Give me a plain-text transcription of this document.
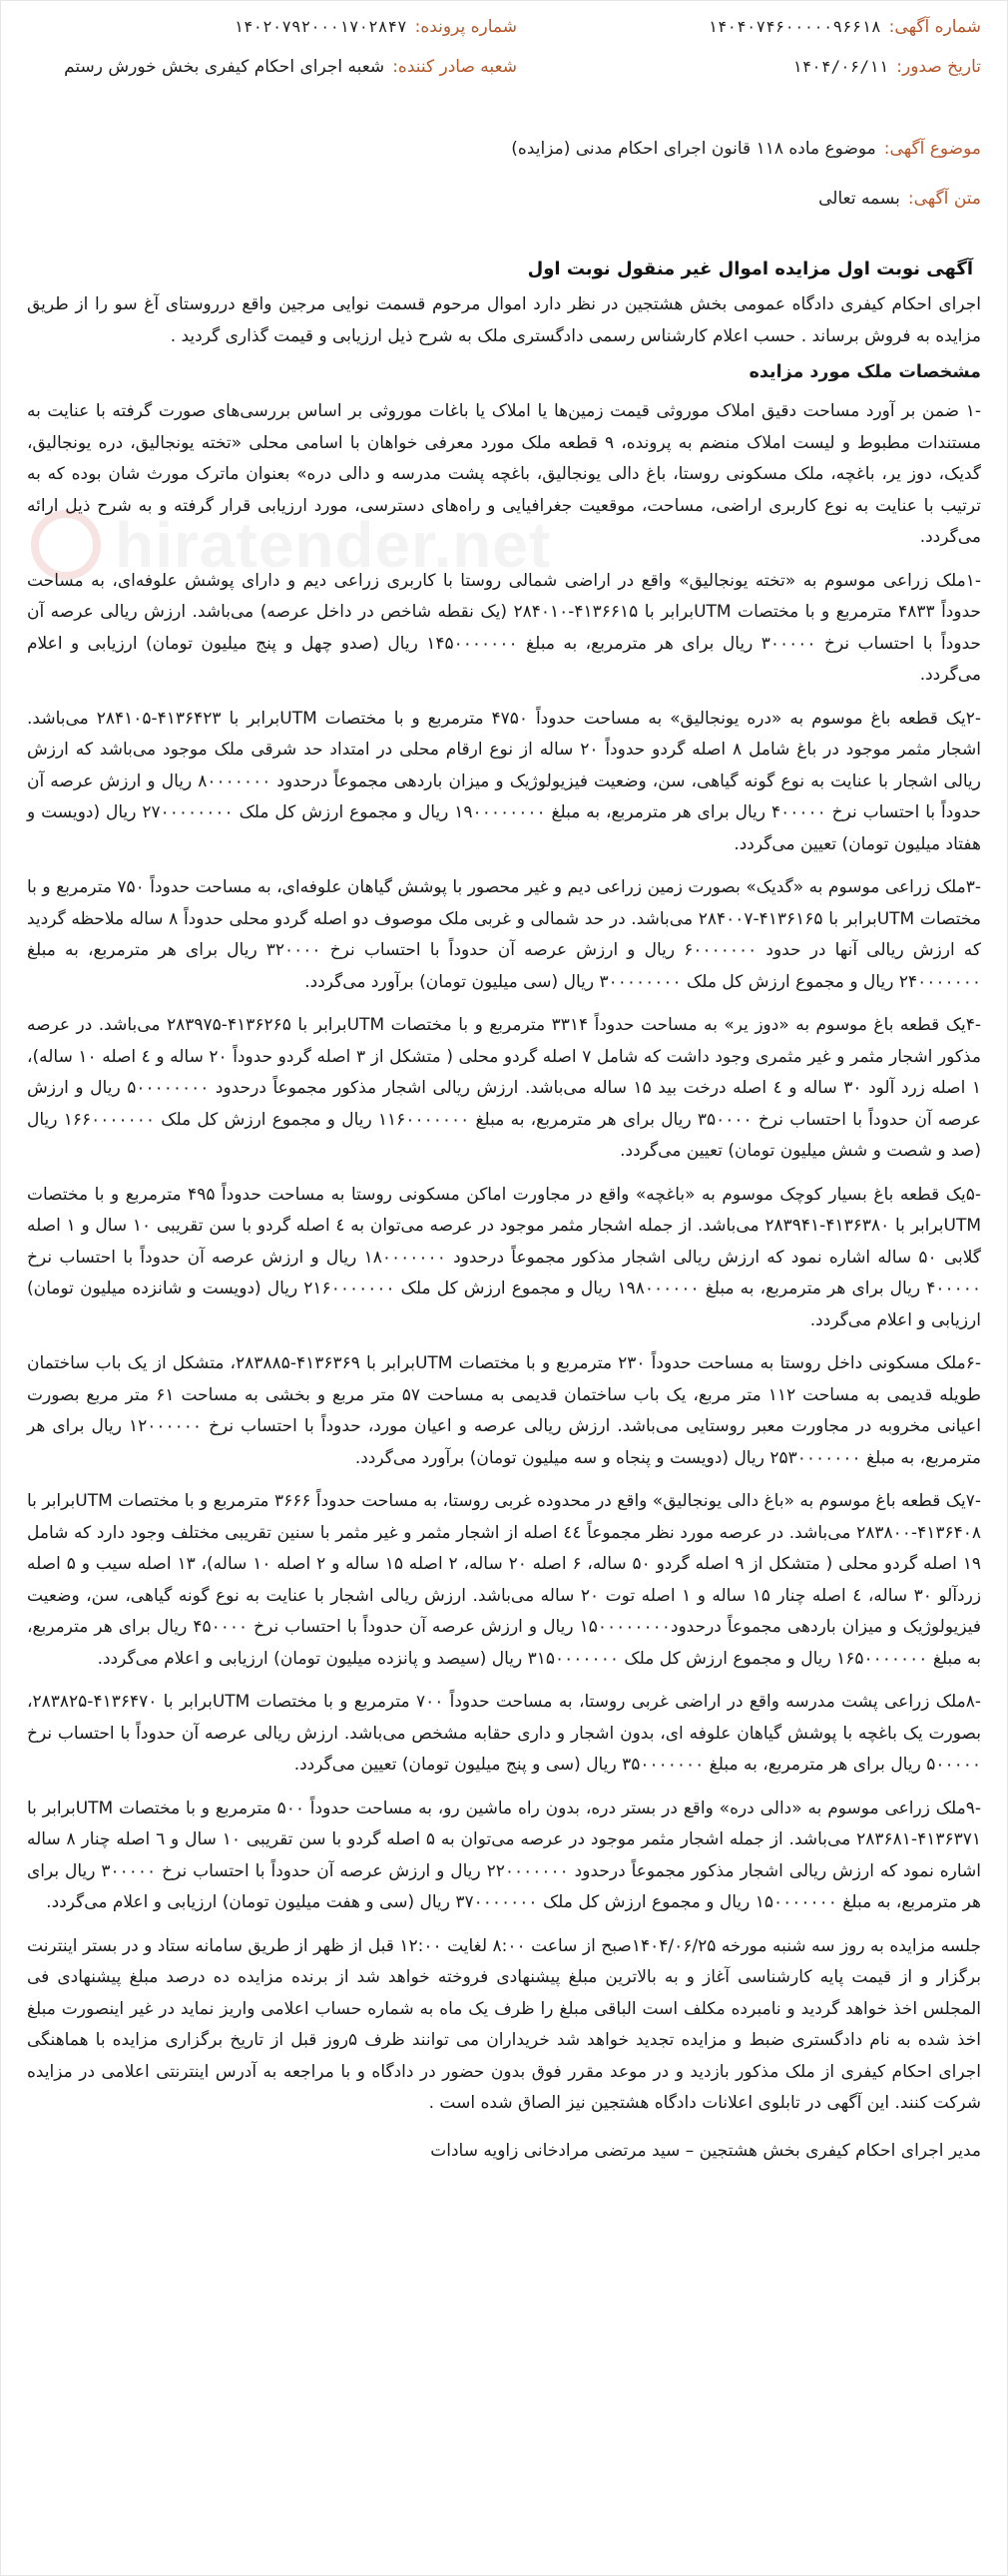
hiratender.net
شماره آگهی:
۱۴۰۴۰۷۴۶۰۰۰۰۰۹۶۶۱۸
شماره پرونده:
۱۴۰۲۰۷۹۲۰۰۰۱۷۰۲۸۴۷
تاریخ صدور:
۱۴۰۴/۰۶/۱۱
شعبه صادر کننده:
شعبه اجرای احکام کیفری بخش خورش رستم
موضوع آگهی:
موضوع ماده ۱۱۸ قانون اجرای احکام مدنی (مزایده)
متن آگهی:
بسمه تعالی
آگهی نوبت اول مزایده اموال غیر منقول نوبت اول

اجرای احکام کیفری دادگاه عمومی بخش هشتجین در نظر دارد اموال مرحوم قسمت نوایی مرجین واقع درروستای آغ سو را از طریق مزایده به فروش برساند . حسب اعلام کارشناس رسمی دادگستری ملک به شرح ذیل ارزیابی و قیمت گذاری گردید .

مشخصات ملک مورد مزایده

-۱ ضمن بر آورد مساحت دقیق املاک موروثی قیمت زمین‌ها یا املاک یا باغات موروثی بر اساس بررسی‌های صورت گرفته با عنایت به مستندات مطبوط و لیست املاک منضم به پرونده، ۹ قطعه ملک مورد معرفی خواهان با اسامی محلی «تخته یونجالیق، دره یونجالیق، گدیک، دوز یر، باغچه، ملک مسکونی روستا، باغ دالی یونجالیق، باغچه پشت مدرسه و دالی دره» بعنوان ماترک مورث شان بوده که به ترتیب با عنایت به نوع کاربری اراضی، مساحت، موقعیت جغرافیایی و راه‌های دسترسی، مورد ارزیابی قرار گرفته و به شرح ذیل ارائه می‌گردد.

-۱ملک زراعی موسوم به «تخته یونجالیق» واقع در اراضی شمالی روستا با کاربری زراعی دیم و دارای پوشش علوفه‌ای، به مساحت حدوداً ۴۸۳۳ مترمربع و با مختصات UTMبرابر با ۴۱۳۶۶۱۵-۲۸۴۰۱۰ (یک نقطه شاخص در داخل عرصه) می‌باشد. ارزش ریالی عرصه آن حدوداً با احتساب نرخ ۳۰۰۰۰۰ ریال برای هر مترمربع، به مبلغ ۱۴۵۰۰۰۰۰۰۰ ریال (صدو چهل و پنج میلیون تومان) ارزیابی و اعلام می‌گردد.

-۲یک قطعه باغ موسوم به «دره یونجالیق» به مساحت حدوداً ۴۷۵۰ مترمربع و با مختصات UTMبرابر با ۴۱۳۶۴۲۳-۲۸۴۱۰۵ می‌باشد. اشجار مثمر موجود در باغ شامل ۸ اصله گردو حدوداً ۲۰ ساله از نوع ارقام محلی در امتداد حد شرقی ملک موجود می‌باشد که ارزش ریالی اشجار با عنایت به نوع گونه گیاهی، سن، وضعیت فیزیولوژیک و میزان باردهی مجموعاً درحدود ۸۰۰۰۰۰۰۰ ریال و ارزش عرصه آن حدوداً با احتساب نرخ ۴۰۰۰۰۰ ریال برای هر مترمربع، به مبلغ ۱۹۰۰۰۰۰۰۰۰ ریال و مجموع ارزش کل ملک ۲۷۰۰۰۰۰۰۰۰ ریال (دویست و هفتاد میلیون تومان) تعیین می‌گردد.

-۳ملک زراعی موسوم به «گدیک» بصورت زمین زراعی دیم و غیر محصور با پوشش گیاهان علوفه‌ای، به مساحت حدوداً ۷۵۰ مترمربع و با مختصات UTMبرابر با ۴۱۳۶۱۶۵-۲۸۴۰۰۷ می‌باشد. در حد شمالی و غربی ملک موصوف دو اصله گردو محلی حدوداً ۸ ساله ملاحظه گردید که ارزش ریالی آنها در حدود ۶۰۰۰۰۰۰۰ ریال و ارزش عرصه آن حدوداً با احتساب نرخ ۳۲۰۰۰۰ ریال برای هر مترمربع، به مبلغ ۲۴۰۰۰۰۰۰۰ ریال و مجموع ارزش کل ملک ۳۰۰۰۰۰۰۰۰ ریال (سی میلیون تومان) برآورد می‌گردد.

-۴یک قطعه باغ موسوم به «دوز یر» به مساحت حدوداً ۳۳۱۴ مترمربع و با مختصات UTMبرابر با ۴۱۳۶۲۶۵-۲۸۳۹۷۵ می‌باشد. در عرصه مذکور اشجار مثمر و غیر مثمری وجود داشت که شامل ۷ اصله گردو محلی ( متشکل از ۳ اصله گردو حدوداً ۲۰ ساله و ٤ اصله ۱۰ ساله)، ۱ اصله زرد آلود ۳۰ ساله و ٤ اصله درخت بید ۱۵ ساله می‌باشد. ارزش ریالی اشجار مذکور مجموعاً درحدود ۵۰۰۰۰۰۰۰۰ ریال و ارزش عرصه آن حدوداً با احتساب نرخ ۳۵۰۰۰۰ ریال برای هر مترمربع، به مبلغ ۱۱۶۰۰۰۰۰۰۰ ریال و مجموع ارزش کل ملک ۱۶۶۰۰۰۰۰۰۰ ریال (صد و شصت و شش میلیون تومان) تعیین می‌گردد.

-۵یک قطعه باغ بسیار کوچک موسوم به «باغچه» واقع در مجاورت اماکن مسکونی روستا به مساحت حدوداً ۴۹۵ مترمربع و با مختصات UTMبرابر با ۴۱۳۶۳۸۰-۲۸۳۹۴۱ می‌باشد. از جمله اشجار مثمر موجود در عرصه می‌توان به ٤ اصله گردو با سن تقریبی ۱۰ سال و ۱ اصله گلابی ۵۰ ساله اشاره نمود که ارزش ریالی اشجار مذکور مجموعاً درحدود ۱۸۰۰۰۰۰۰۰ ریال و ارزش عرصه آن حدوداً با احتساب نرخ ۴۰۰۰۰۰ ریال برای هر مترمربع، به مبلغ ۱۹۸۰۰۰۰۰۰ ریال و مجموع ارزش کل ملک ۲۱۶۰۰۰۰۰۰۰ ریال (دویست و شانزده میلیون تومان) ارزیابی و اعلام می‌گردد.

-۶ملک مسکونی داخل روستا به مساحت حدوداً ۲۳۰ مترمربع و با مختصات UTMبرابر با ۴۱۳۶۳۶۹-۲۸۳۸۸۵، متشکل از یک باب ساختمان طویله قدیمی به مساحت ۱۱۲ متر مربع، یک باب ساختمان قدیمی به مساحت ۵۷ متر مربع و بخشی به مساحت ۶۱ متر مربع بصورت اعیانی مخروبه در مجاورت معبر روستایی می‌باشد. ارزش ریالی عرصه و اعیان مورد، حدوداً با احتساب نرخ ۱۲۰۰۰۰۰۰ ریال برای هر مترمربع، به مبلغ ۲۵۳۰۰۰۰۰۰۰ ریال (دویست و پنجاه و سه میلیون تومان) برآورد می‌گردد.

-۷یک قطعه باغ موسوم به «باغ دالی یونجالیق» واقع در محدوده غربی روستا، به مساحت حدوداً ۳۶۶۶ مترمربع و با مختصات UTMبرابر با ۴۱۳۶۴۰۸-۲۸۳۸۰۰ می‌باشد. در عرصه مورد نظر مجموعاً ٤٤ اصله از اشجار مثمر و غیر مثمر با سنین تقریبی مختلف وجود دارد که شامل ۱۹ اصله گردو محلی ( متشکل از ۹ اصله گردو ۵۰ ساله، ۶ اصله ۲۰ ساله، ۲ اصله ۱۵ ساله و ۲ اصله ۱۰ ساله)، ۱۳ اصله سیب و ۵ اصله زردآلو ۳۰ ساله، ٤ اصله چنار ۱۵ ساله و ۱ اصله توت ۲۰ ساله می‌باشد. ارزش ریالی اشجار با عنایت به نوع گونه گیاهی، سن، وضعیت فیزیولوژیک و میزان باردهی مجموعاً درحدود۱۵۰۰۰۰۰۰۰۰ ریال و ارزش عرصه آن حدوداً با احتساب نرخ ۴۵۰۰۰۰ ریال برای هر مترمربع، به مبلغ ۱۶۵۰۰۰۰۰۰۰ ریال و مجموع ارزش کل ملک ۳۱۵۰۰۰۰۰۰۰ ریال (سیصد و پانزده میلیون تومان) ارزیابی و اعلام می‌گردد.

-۸ملک زراعی پشت مدرسه واقع در اراضی غربی روستا، به مساحت حدوداً ۷۰۰ مترمربع و با مختصات UTMبرابر با ۴۱۳۶۴۷۰-۲۸۳۸۲۵، بصورت یک باغچه با پوشش گیاهان علوفه ای، بدون اشجار و داری حقابه مشخص می‌باشد. ارزش ریالی عرصه آن حدوداً با احتساب نرخ ۵۰۰۰۰۰ ریال برای هر مترمربع، به مبلغ ۳۵۰۰۰۰۰۰۰ ریال (سی و پنج میلیون تومان) تعیین می‌گردد.

-۹ملک زراعی موسوم به «دالی دره» واقع در بستر دره، بدون راه ماشین رو، به مساحت حدوداً ۵۰۰ مترمربع و با مختصات UTMبرابر با ۴۱۳۶۳۷۱-۲۸۳۶۸۱ می‌باشد. از جمله اشجار مثمر موجود در عرصه می‌توان به ۵ اصله گردو با سن تقریبی ۱۰ سال و ٦ اصله چنار ۸ ساله اشاره نمود که ارزش ریالی اشجار مذکور مجموعاً درحدود ۲۲۰۰۰۰۰۰۰ ریال و ارزش عرصه آن حدوداً با احتساب نرخ ۳۰۰۰۰۰ ریال برای هر مترمربع، به مبلغ ۱۵۰۰۰۰۰۰۰ ریال و مجموع ارزش کل ملک ۳۷۰۰۰۰۰۰۰ ریال (سی و هفت میلیون تومان) ارزیابی و اعلام می‌گردد.

جلسه مزایده به روز سه شنبه مورخه ۱۴۰۴/۰۶/۲۵صبح از ساعت ۸:۰۰ لغایت ۱۲:۰۰ قبل از ظهر از طریق سامانه ستاد و در بستر اینترنت برگزار و از قیمت پایه کارشناسی آغاز و به بالاترین مبلغ پیشنهادی فروخته خواهد شد از برنده مزایده ده درصد مبلغ پیشنهادی فی المجلس اخذ خواهد گردید و نامبرده مکلف است الباقی مبلغ را ظرف یک ماه به شماره حساب اعلامی واریز نماید در غیر اینصورت مبلغ اخذ شده به نام دادگستری ضبط و مزایده تجدید خواهد شد خریداران می توانند ظرف ۵روز قبل از تاریخ برگزاری مزایده با هماهنگی اجرای احکام کیفری از ملک مذکور بازدید و در موعد مقرر فوق بدون حضور در دادگاه و با مراجعه به آدرس اینترنتی اعلامی در مزایده شرکت کنند. این آگهی در تابلوی اعلانات دادگاه هشتجین نیز الصاق شده است .

مدیر اجرای احکام کیفری بخش هشتجین – سید مرتضی مرادخانی زاویه سادات
